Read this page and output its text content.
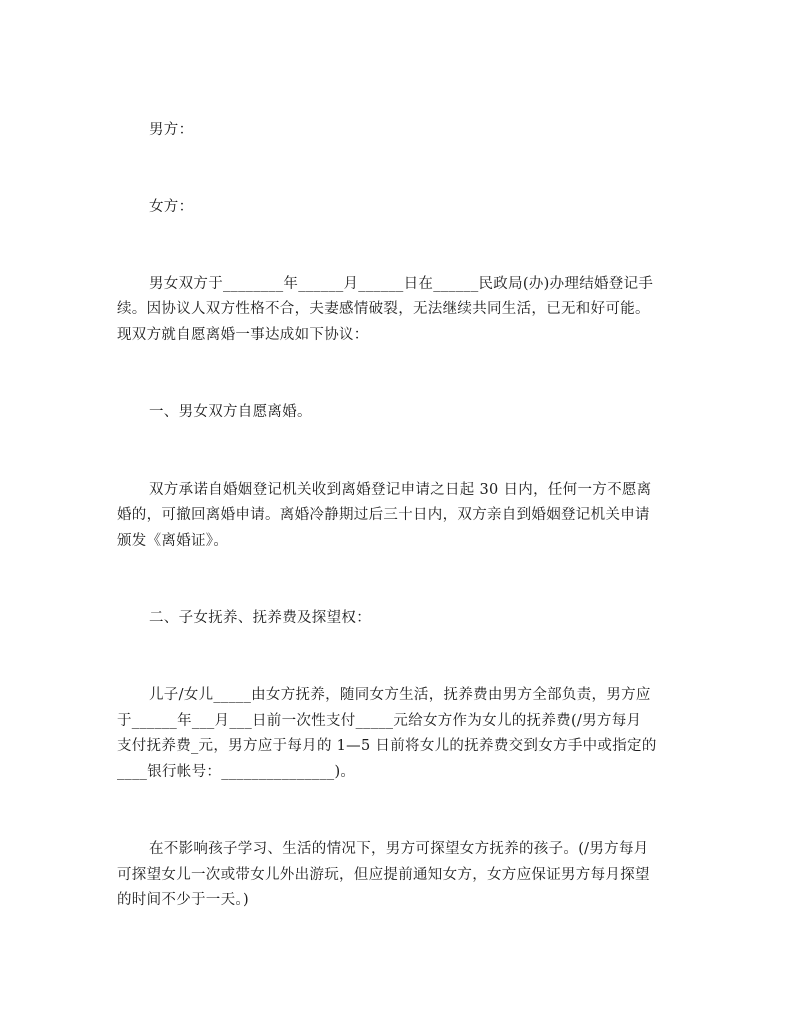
男方：
女方：
男女双方于________年______月______日在______民政局(办)办理结婚登记手
续。因协议人双方性格不合，夫妻感情破裂，无法继续共同生活，已无和好可能。
现双方就自愿离婚一事达成如下协议：
一、男女双方自愿离婚。
双方承诺自婚姻登记机关收到离婚登记申请之日起 30 日内，任何一方不愿离
婚的，可撤回离婚申请。离婚冷静期过后三十日内，双方亲自到婚姻登记机关申请
颁发《离婚证》。
二、子女抚养、抚养费及探望权：
儿子/女儿_____由女方抚养，随同女方生活，抚养费由男方全部负责，男方应
于______年___月___日前一次性支付_____元给女方作为女儿的抚养费(/男方每月
支付抚养费_元，男方应于每月的 1—5 日前将女儿的抚养费交到女方手中或指定的
____银行帐号：_______________)。
在不影响孩子学习、生活的情况下，男方可探望女方抚养的孩子。(/男方每月
可探望女儿一次或带女儿外出游玩，但应提前通知女方，女方应保证男方每月探望
的时间不少于一天。)
